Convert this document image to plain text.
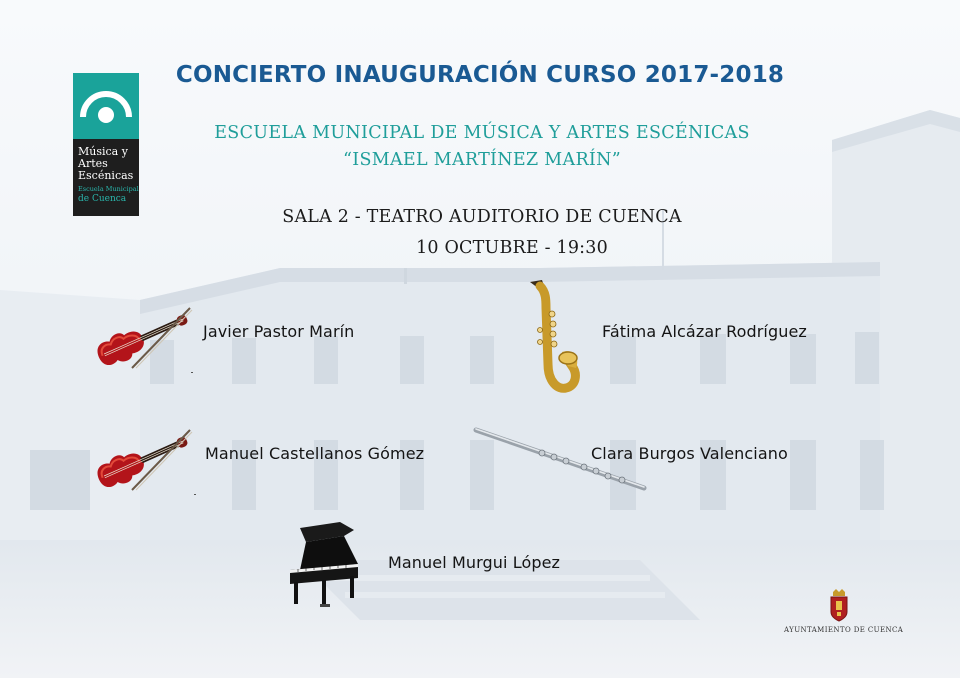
Música y
Artes
Escénicas
Escuela Municipal
de Cuenca
CONCIERTO INAUGURACIÓN CURSO 2017-2018
ESCUELA MUNICIPAL DE MÚSICA Y ARTES ESCÉNICAS
“ISMAEL MARTÍNEZ MARÍN”
SALA 2 - TEATRO AUDITORIO DE CUENCA
10 OCTUBRE - 19:30
Javier Pastor Marín	Fátima Alcázar Rodríguez
Manuel Castellanos Gómez	Clara Burgos Valenciano
Manuel Murgui López
AYUNTAMIENTO DE CUENCA
